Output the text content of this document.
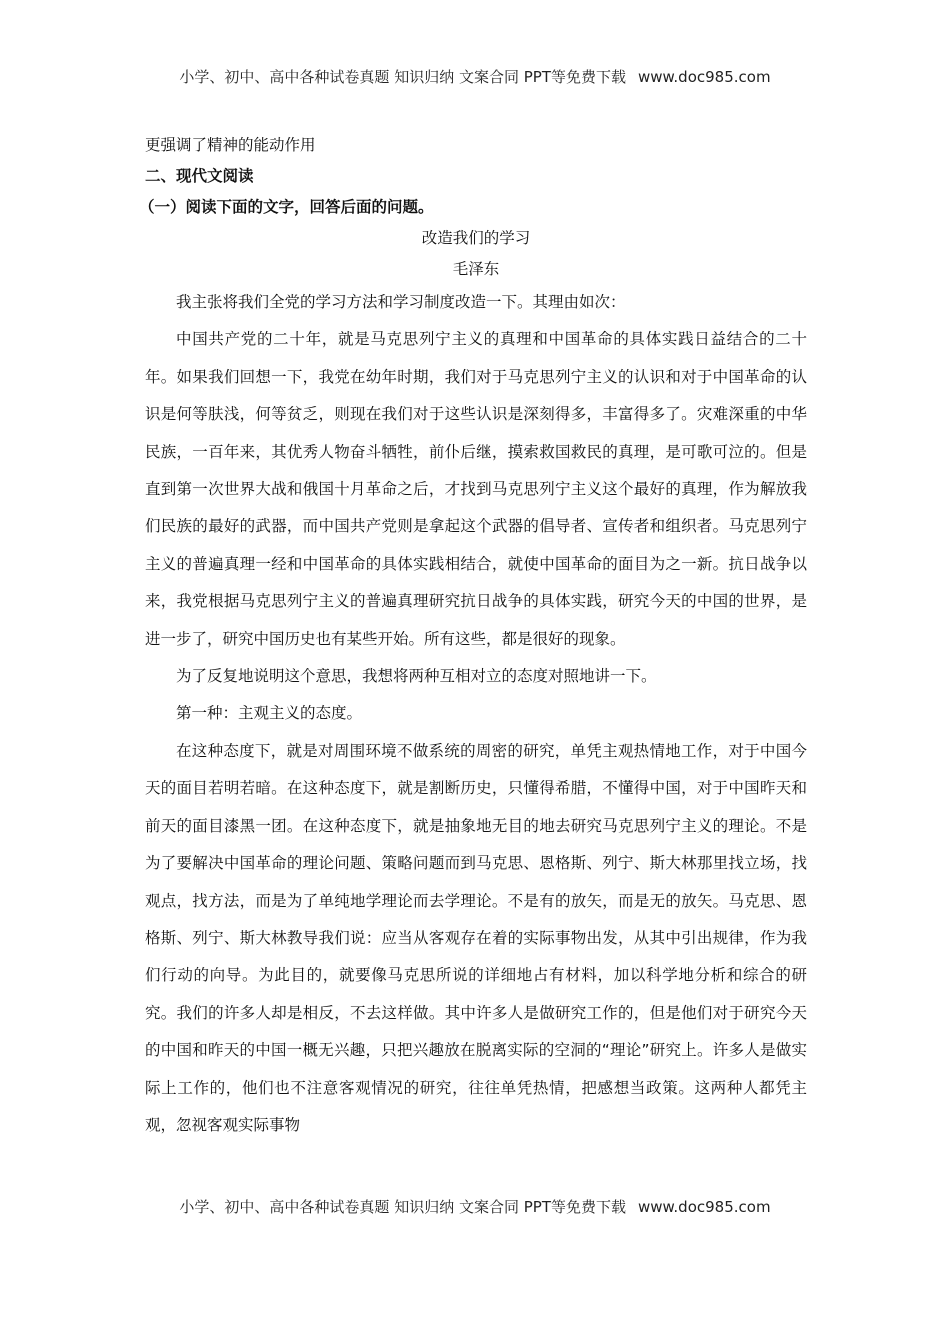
小学、初中、高中各种试卷真题 知识归纳 文案合同 PPT等免费下载 www.doc985.com
更强调了精神的能动作用
二、现代文阅读
（一）阅读下面的文字，回答后面的问题。
改造我们的学习
毛泽东

我主张将我们全党的学习方法和学习制度改造一下。其理由如次：

中国共产党的二十年，就是马克思列宁主义的真理和中国革命的具体实践日益结合的二十年。如果我们回想一下，我党在幼年时期，我们对于马克思列宁主义的认识和对于中国革命的认识是何等肤浅，何等贫乏，则现在我们对于这些认识是深刻得多，丰富得多了。灾难深重的中华民族，一百年来，其优秀人物奋斗牺牲，前仆后继，摸索救国救民的真理，是可歌可泣的。但是直到第一次世界大战和俄国十月革命之后，才找到马克思列宁主义这个最好的真理，作为解放我们民族的最好的武器，而中国共产党则是拿起这个武器的倡导者、宣传者和组织者。马克思列宁主义的普遍真理一经和中国革命的具体实践相结合，就使中国革命的面目为之一新。抗日战争以来，我党根据马克思列宁主义的普遍真理研究抗日战争的具体实践，研究今天的中国的世界，是进一步了，研究中国历史也有某些开始。所有这些，都是很好的现象。

为了反复地说明这个意思，我想将两种互相对立的态度对照地讲一下。

第一种：主观主义的态度。

在这种态度下，就是对周围环境不做系统的周密的研究，单凭主观热情地工作，对于中国今天的面目若明若暗。在这种态度下，就是割断历史，只懂得希腊，不懂得中国，对于中国昨天和前天的面目漆黑一团。在这种态度下，就是抽象地无目的地去研究马克思列宁主义的理论。不是为了要解决中国革命的理论问题、策略问题而到马克思、恩格斯、列宁、斯大林那里找立场，找观点，找方法，而是为了单纯地学理论而去学理论。不是有的放矢，而是无的放矢。马克思、恩格斯、列宁、斯大林教导我们说：应当从客观存在着的实际事物出发，从其中引出规律，作为我们行动的向导。为此目的，就要像马克思所说的详细地占有材料，加以科学地分析和综合的研究。我们的许多人却是相反，不去这样做。其中许多人是做研究工作的，但是他们对于研究今天的中国和昨天的中国一概无兴趣，只把兴趣放在脱离实际的空洞的“理论”研究上。许多人是做实际上工作的，他们也不注意客观情况的研究，往往单凭热情，把感想当政策。这两种人都凭主观，忽视客观实际事物

小学、初中、高中各种试卷真题 知识归纳 文案合同 PPT等免费下载 www.doc985.com
